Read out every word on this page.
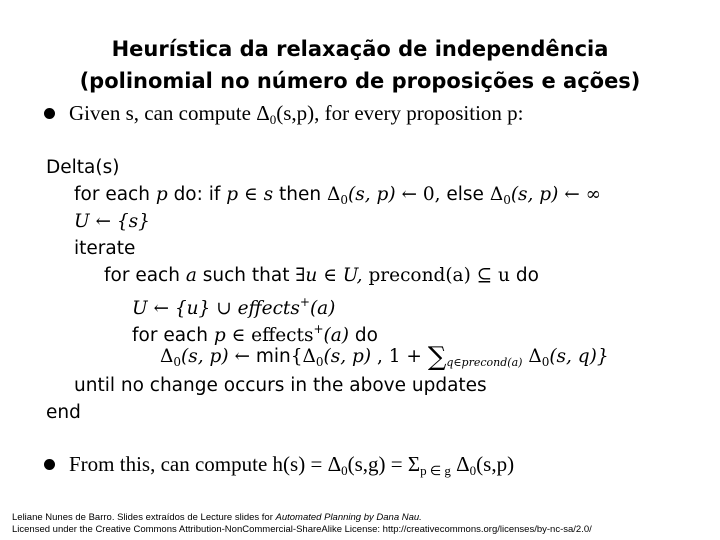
Heurística da relaxação de independência
(polinomial no número de proposições e ações)
Given s, can compute Δ0(s,p), for every proposition p:
Delta(s)
for each p do: if p ∈ s then $\Delta_0(s$, p) ← 0, else $\Delta_0(s$, p) ← ∞
U ← {s}
iterate
for each a such that ∃u ∈ U, precond(a) ⊆ u do
U ← {u} ∪ effects+(a)
for each p ∈ effects+(a) do
$\Delta_0(s$, p) ← $\min\{\Delta_0(s$, p) , $1 + \sum_{q\in precond(a)}$ $\Delta_0(s$, q)}
until no change occurs in the above updates
end
From this, can compute h(s) = Δ0(s,g) = Σp ∈ g Δ0(s,p)
Leliane Nunes de Barro. Slides extraídos de Lecture slides for Automated Planning by Dana Nau.
Licensed under the Creative Commons Attribution-NonCommercial-ShareAlike License: http://creativecommons.org/licenses/by-nc-sa/2.0/
